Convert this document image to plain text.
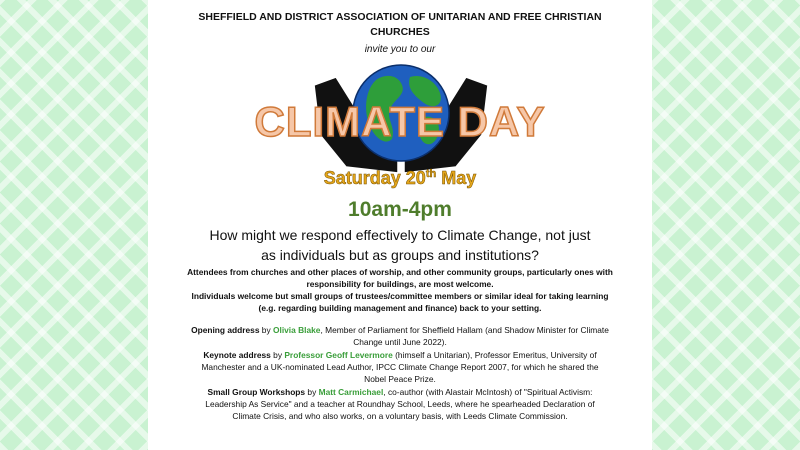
SHEFFIELD AND DISTRICT ASSOCIATION OF UNITARIAN AND FREE CHRISTIAN CHURCHES
invite you to our
CLIMATE DAY
Saturday 20th May
10am-4pm
How might we respond effectively to Climate Change, not just as individuals but as groups and institutions?
Attendees from churches and other places of worship, and other community groups, particularly ones with responsibility for buildings, are most welcome.
Individuals welcome but small groups of trustees/committee members or similar ideal for taking learning (e.g. regarding building management and finance) back to your setting.
Opening address by Olivia Blake, Member of Parliament for Sheffield Hallam (and Shadow Minister for Climate Change until June 2022).
Keynote address by Professor Geoff Levermore (himself a Unitarian), Professor Emeritus, University of Manchester and a UK-nominated Lead Author, IPCC Climate Change Report 2007, for which he shared the Nobel Peace Prize.
Small Group Workshops by Matt Carmichael, co-author (with Alastair McIntosh) of "Spiritual Activism: Leadership As Service" and a teacher at Roundhay School, Leeds, where he spearheaded Declaration of Climate Crisis, and who also works, on a voluntary basis, with Leeds Climate Commission.
